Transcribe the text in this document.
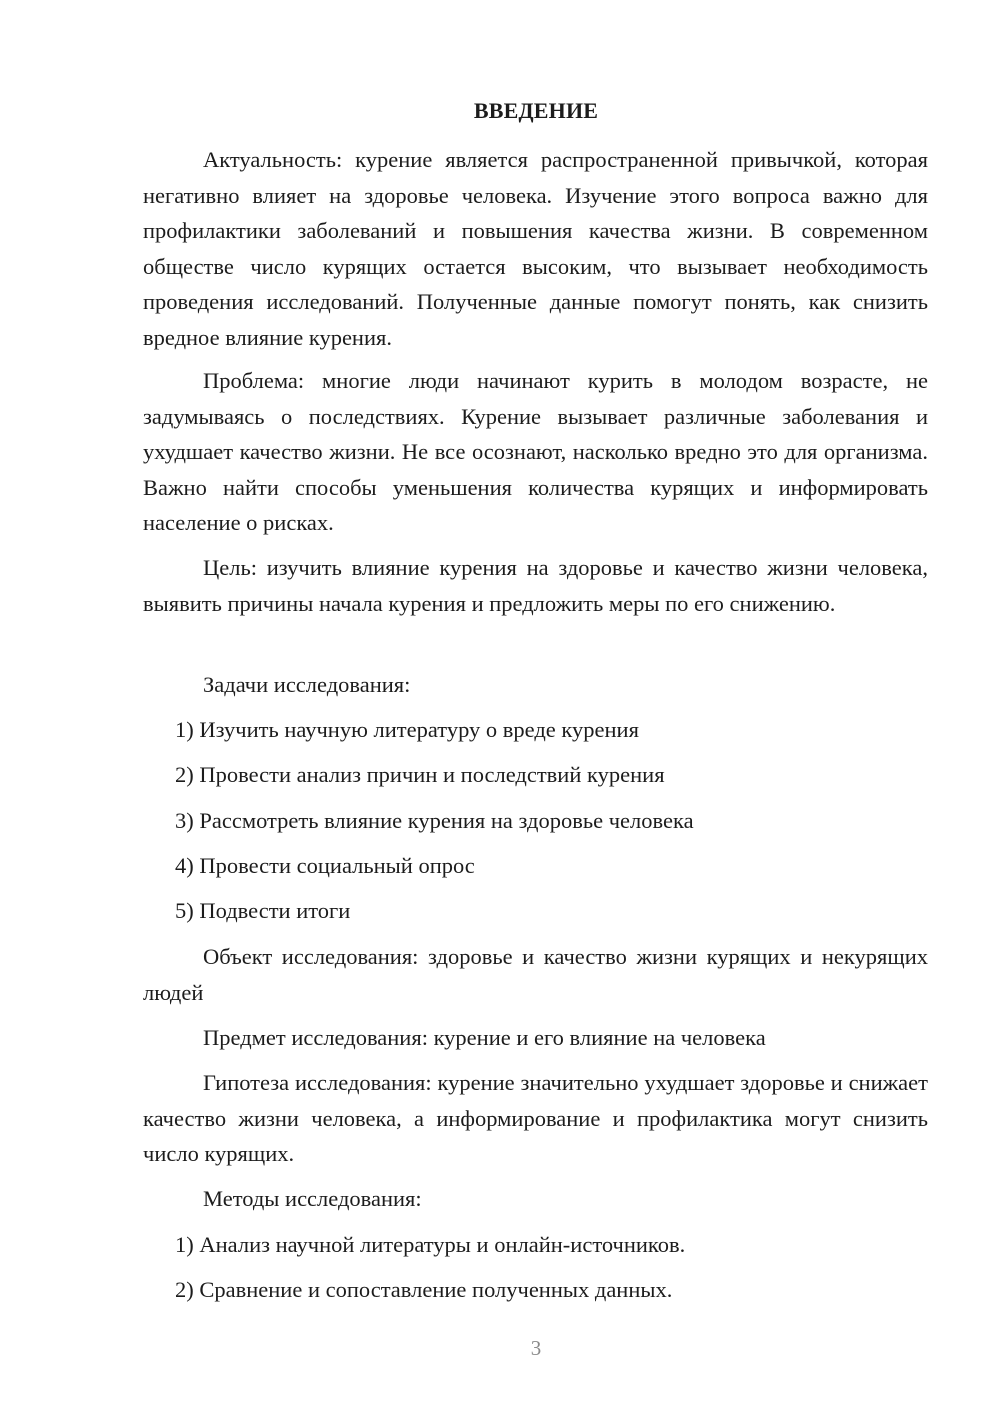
ВВЕДЕНИЕ

Актуальность: курение является распространенной привычкой, которая негативно влияет на здоровье человека. Изучение этого вопроса важно для профилактики заболеваний и повышения качества жизни. В современном обществе число курящих остается высоким, что вызывает необходимость проведения исследований. Полученные данные помогут понять, как снизить вредное влияние курения.

Проблема: многие люди начинают курить в молодом возрасте, не задумываясь о последствиях. Курение вызывает различные заболевания и ухудшает качество жизни. Не все осознают, насколько вредно это для организма. Важно найти способы уменьшения количества курящих и информировать население о рисках.

Цель: изучить влияние курения на здоровье и качество жизни человека, выявить причины начала курения и предложить меры по его снижению.

Задачи исследования:

1) Изучить научную литературу о вреде курения

2) Провести анализ причин и последствий курения

3) Рассмотреть влияние курения на здоровье человека

4) Провести социальный опрос

5) Подвести итоги

Объект исследования: здоровье и качество жизни курящих и некурящих людей

Предмет исследования: курение и его влияние на человека

Гипотеза исследования: курение значительно ухудшает здоровье и снижает качество жизни человека, а информирование и профилактика могут снизить число курящих.

Методы исследования:

1) Анализ научной литературы и онлайн-источников.

2) Сравнение и сопоставление полученных данных.

3
